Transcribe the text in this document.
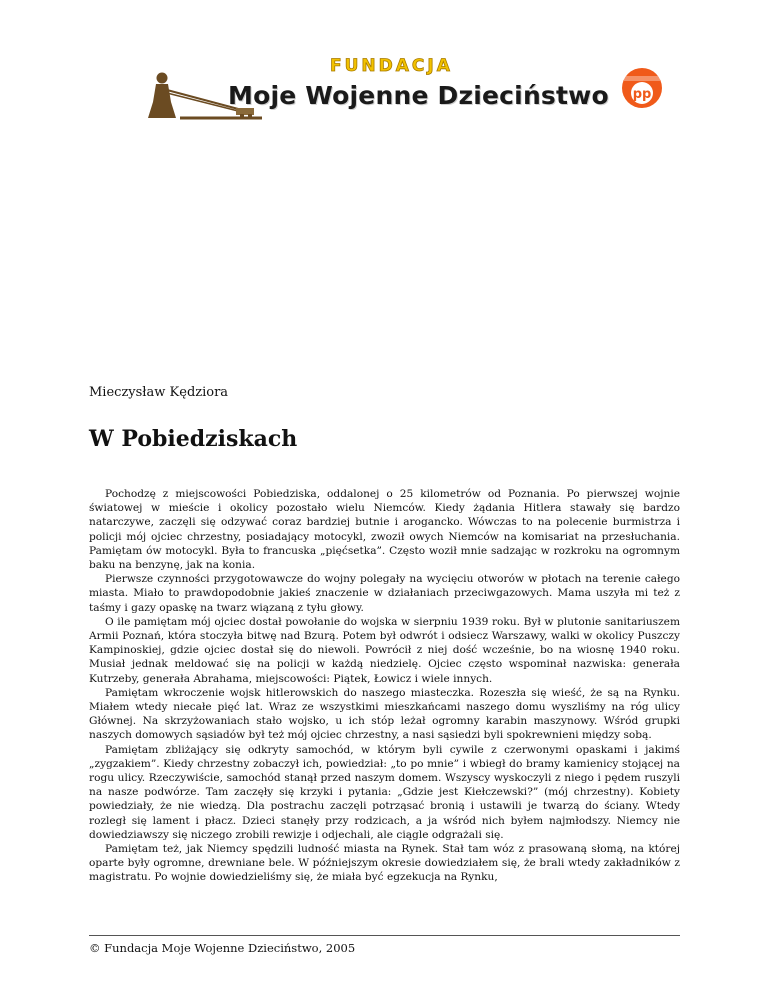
FUNDACJA
Moje Wojenne Dzieciństwo pp
Mieczysław Kędziora
W Pobiedziskach

Pochodzę z miejscowości Pobiedziska, oddalonej o 25 kilometrów od Poznania. Po pierwszej wojnie światowej w mieście i okolicy pozostało wielu Niemców. Kiedy żądania Hitlera stawały się bardzo natarczywe, zaczęli się odzywać coraz bardziej butnie i arogancko. Wówczas to na polecenie burmistrza i policji mój ojciec chrzestny, posiadający motocykl, zwoził owych Niemców na komisariat na przesłuchania. Pamiętam ów motocykl. Była to francuska „pięćsetka”. Często woził mnie sadzając w rozkroku na ogromnym baku na benzynę, jak na konia.

Pierwsze czynności przygotowawcze do wojny polegały na wycięciu otworów w płotach na terenie całego miasta. Miało to prawdopodobnie jakieś znaczenie w działaniach przeciwgazowych. Mama uszyła mi też z taśmy i gazy opaskę na twarz wiązaną z tyłu głowy.

O ile pamiętam mój ojciec dostał powołanie do wojska w sierpniu 1939 roku. Był w plutonie sanitariuszem Armii Poznań, która stoczyła bitwę nad Bzurą. Potem był odwrót i odsiecz Warszawy, walki w okolicy Puszczy Kampinoskiej, gdzie ojciec dostał się do niewoli. Powrócił z niej dość wcześnie, bo na wiosnę 1940 roku. Musiał jednak meldować się na policji w każdą niedzielę. Ojciec często wspominał nazwiska: generała Kutrzeby, generała Abrahama, miejscowości: Piątek, Łowicz i wiele innych.

Pamiętam wkroczenie wojsk hitlerowskich do naszego miasteczka. Rozeszła się wieść, że są na Rynku. Miałem wtedy niecałe pięć lat. Wraz ze wszystkimi mieszkańcami naszego domu wyszliśmy na róg ulicy Głównej. Na skrzyżowaniach stało wojsko, u ich stóp leżał ogromny karabin maszynowy. Wśród grupki naszych domowych sąsiadów był też mój ojciec chrzestny, a nasi sąsiedzi byli spokrewnieni między sobą.

Pamiętam zbliżający się odkryty samochód, w którym byli cywile z czerwonymi opaskami i jakimś „zygzakiem”. Kiedy chrzestny zobaczył ich, powiedział: „to po mnie” i wbiegł do bramy kamienicy stojącej na rogu ulicy. Rzeczywiście, samochód stanął przed naszym domem. Wszyscy wyskoczyli z niego i pędem ruszyli na nasze podwórze. Tam zaczęły się krzyki i pytania: „Gdzie jest Kiełczewski?” (mój chrzestny). Kobiety powiedziały, że nie wiedzą. Dla postrachu zaczęli potrząsać bronią i ustawili je twarzą do ściany. Wtedy rozległ się lament i płacz. Dzieci stanęły przy rodzicach, a ja wśród nich byłem najmłodszy. Niemcy nie dowiedziawszy się niczego zrobili rewizje i odjechali, ale ciągle odgrażali się.

Pamiętam też, jak Niemcy spędzili ludność miasta na Rynek. Stał tam wóz z prasowaną słomą, na której oparte były ogromne, drewniane bele. W późniejszym okresie dowiedziałem się, że brali wtedy zakładników z magistratu. Po wojnie dowiedzieliśmy się, że miała być egzekucja na Rynku,

© Fundacja Moje Wojenne Dzieciństwo, 2005
